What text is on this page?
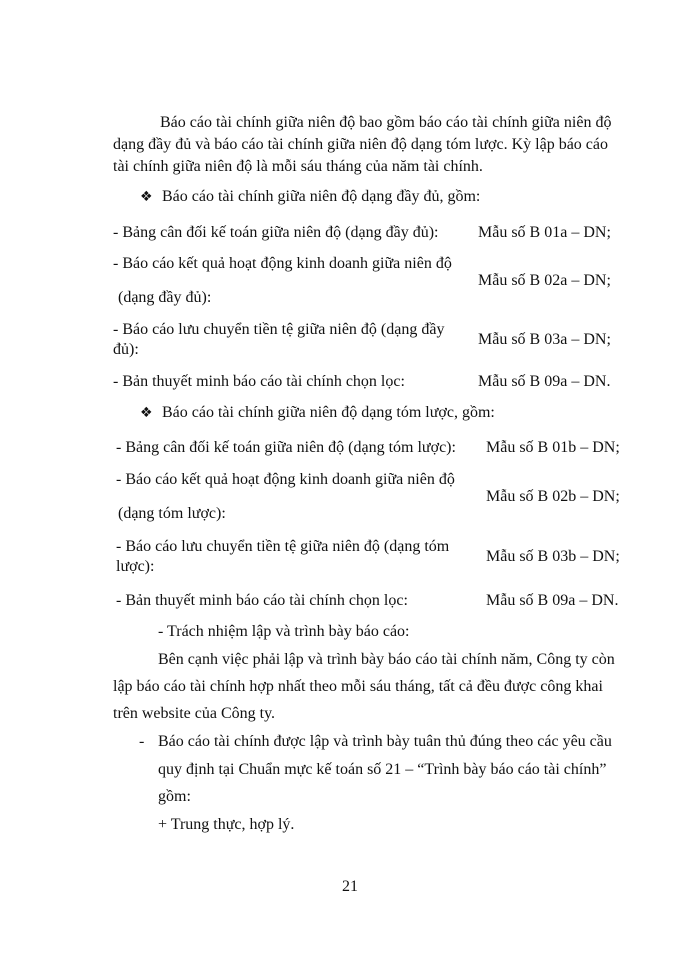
Báo cáo tài chính giữa niên độ bao gồm báo cáo tài chính giữa niên độ
dạng đầy đủ và báo cáo tài chính giữa niên độ dạng tóm lược. Kỳ lập báo cáo
tài chính giữa niên độ là mỗi sáu tháng của năm tài chính.
❖ Báo cáo tài chính giữa niên độ dạng đầy đủ, gồm:
- Bảng cân đối kế toán giữa niên độ (dạng đầy đủ): Mẫu số B 01a – DN;
- Báo cáo kết quả hoạt động kinh doanh giữa niên độ
(dạng đầy đủ):
Mẫu số B 02a – DN;
- Báo cáo lưu chuyển tiền tệ giữa niên độ (dạng đầy
đủ):
Mẫu số B 03a – DN;
- Bản thuyết minh báo cáo tài chính chọn lọc:	Mẫu số B 09a – DN.
❖ Báo cáo tài chính giữa niên độ dạng tóm lược, gồm:
- Bảng cân đối kế toán giữa niên độ (dạng tóm lược): Mẫu số B 01b – DN;
- Báo cáo kết quả hoạt động kinh doanh giữa niên độ
(dạng tóm lược):
Mẫu số B 02b – DN;
- Báo cáo lưu chuyển tiền tệ giữa niên độ (dạng tóm
lược):
Mẫu số B 03b – DN;
- Bản thuyết minh báo cáo tài chính chọn lọc:	Mẫu số B 09a – DN.
- Trách nhiệm lập và trình bày báo cáo:
Bên cạnh việc phải lập và trình bày báo cáo tài chính năm, Công ty còn
lập báo cáo tài chính hợp nhất theo mỗi sáu tháng, tất cả đều được công khai
trên website của Công ty.
- Báo cáo tài chính được lập và trình bày tuân thủ đúng theo các yêu cầu
quy định tại Chuẩn mực kế toán số 21 – “Trình bày báo cáo tài chính”
gồm:
+ Trung thực, hợp lý.
21
